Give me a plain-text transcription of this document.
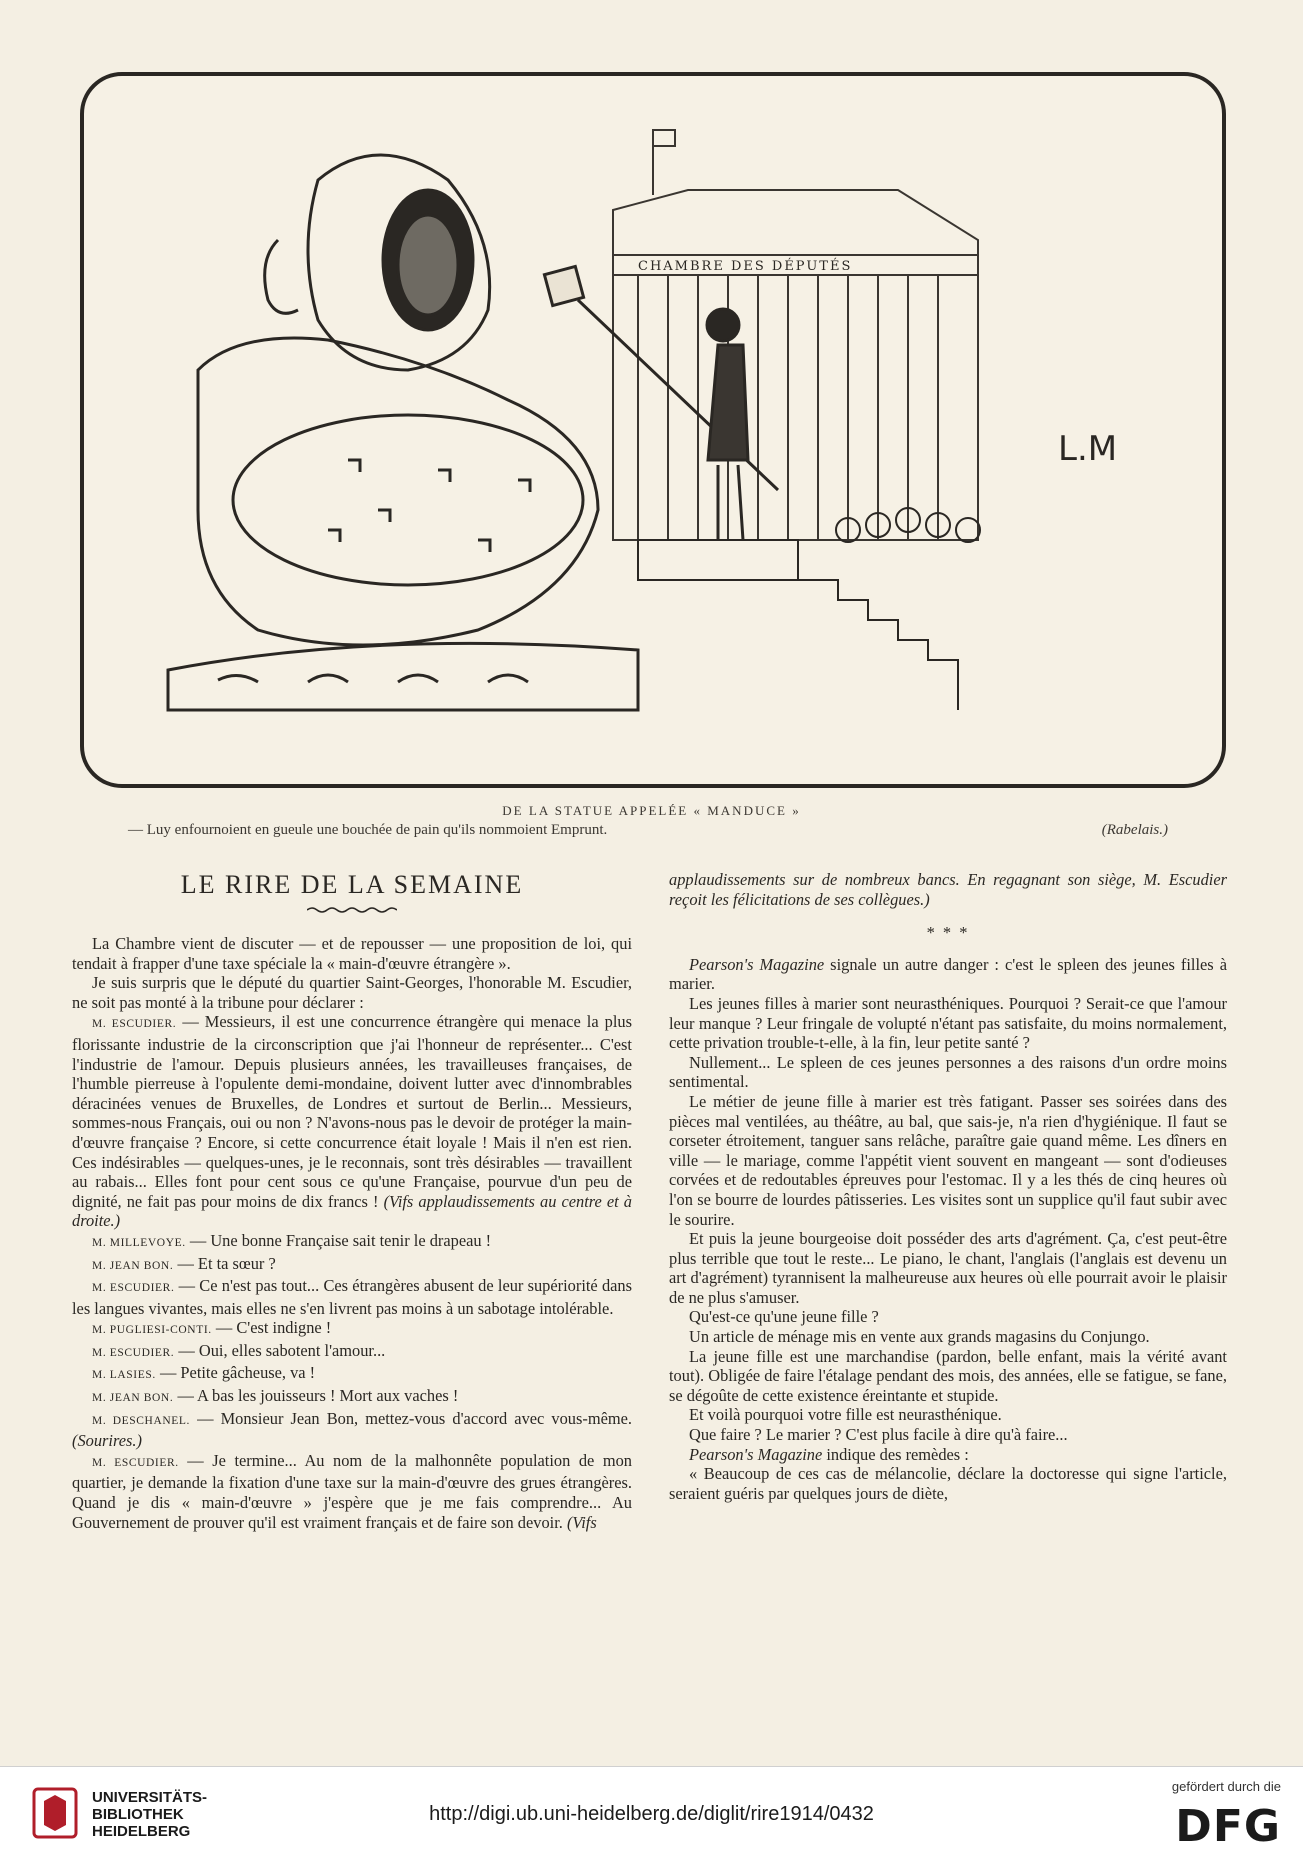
CHAMBRE DES DÉPUTÉS
L.M
DE LA STATUE APPELÉE « MANDUCE »
— Luy enfournoient en gueule une bouchée de pain qu'ils nommoient Emprunt.	(Rabelais.)

LE RIRE DE LA SEMAINE

La Chambre vient de discuter — et de repousser — une proposition de loi, qui tendait à frapper d'une taxe spéciale la « main-d'œuvre étrangère ».

Je suis surpris que le député du quartier Saint-Georges, l'honorable M. Escudier, ne soit pas monté à la tribune pour déclarer :

M. ESCUDIER. — Messieurs, il est une concurrence étrangère qui menace la plus florissante industrie de la circonscription que j'ai l'honneur de représenter... C'est l'industrie de l'amour. Depuis plusieurs années, les travailleuses françaises, de l'humble pierreuse à l'opulente demi-mondaine, doivent lutter avec d'innombrables déracinées venues de Bruxelles, de Londres et surtout de Berlin... Messieurs, sommes-nous Français, oui ou non ? N'avons-nous pas le devoir de protéger la main-d'œuvre française ? Encore, si cette concurrence était loyale ! Mais il n'en est rien. Ces indésirables — quelques-unes, je le reconnais, sont très désirables — travaillent au rabais... Elles font pour cent sous ce qu'une Française, pourvue d'un peu de dignité, ne fait pas pour moins de dix francs ! (Vifs applaudissements au centre et à droite.)

M. MILLEVOYE. — Une bonne Française sait tenir le drapeau !

M. JEAN BON. — Et ta sœur ?

M. ESCUDIER. — Ce n'est pas tout... Ces étrangères abusent de leur supériorité dans les langues vivantes, mais elles ne s'en livrent pas moins à un sabotage intolérable.

M. PUGLIESI-CONTI. — C'est indigne !

M. ESCUDIER. — Oui, elles sabotent l'amour...

M. LASIES. — Petite gâcheuse, va !

M. JEAN BON. — A bas les jouisseurs ! Mort aux vaches !

M. DESCHANEL. — Monsieur Jean Bon, mettez-vous d'accord avec vous-même. (Sourires.)

M. ESCUDIER. — Je termine... Au nom de la malhonnête population de mon quartier, je demande la fixation d'une taxe sur la main-d'œuvre des grues étrangères. Quand je dis « main-d'œuvre » j'espère que je me fais comprendre... Au Gouvernement de prouver qu'il est vraiment français et de faire son devoir. (Vifs

applaudissements sur de nombreux bancs. En regagnant son siège, M. Escudier reçoit les félicitations de ses collègues.)

* * *

Pearson's Magazine signale un autre danger : c'est le spleen des jeunes filles à marier.

Les jeunes filles à marier sont neurasthéniques. Pourquoi ? Serait-ce que l'amour leur manque ? Leur fringale de volupté n'étant pas satisfaite, du moins normalement, cette privation trouble-t-elle, à la fin, leur petite santé ?

Nullement... Le spleen de ces jeunes personnes a des raisons d'un ordre moins sentimental.

Le métier de jeune fille à marier est très fatigant. Passer ses soirées dans des pièces mal ventilées, au théâtre, au bal, que sais-je, n'a rien d'hygiénique. Il faut se corseter étroitement, tanguer sans relâche, paraître gaie quand même. Les dîners en ville — le mariage, comme l'appétit vient souvent en mangeant — sont d'odieuses corvées et de redoutables épreuves pour l'estomac. Il y a les thés de cinq heures où l'on se bourre de lourdes pâtisseries. Les visites sont un supplice qu'il faut subir avec le sourire.

Et puis la jeune bourgeoise doit posséder des arts d'agrément. Ça, c'est peut-être plus terrible que tout le reste... Le piano, le chant, l'anglais (l'anglais est devenu un art d'agrément) tyrannisent la malheureuse aux heures où elle pourrait avoir le plaisir de ne plus s'amuser.

Qu'est-ce qu'une jeune fille ?

Un article de ménage mis en vente aux grands magasins du Conjungo.

La jeune fille est une marchandise (pardon, belle enfant, mais la vérité avant tout). Obligée de faire l'étalage pendant des mois, des années, elle se fatigue, se fane, se dégoûte de cette existence éreintante et stupide.

Et voilà pourquoi votre fille est neurasthénique.

Que faire ? Le marier ? C'est plus facile à dire qu'à faire...

Pearson's Magazine indique des remèdes :

« Beaucoup de ces cas de mélancolie, déclare la doctoresse qui signe l'article, seraient guéris par quelques jours de diète,

UNIVERSITÄTS-
BIBLIOTHEK
HEIDELBERG
http://digi.ub.uni-heidelberg.de/diglit/rire1914/0432
gefördert durch die
DFG
